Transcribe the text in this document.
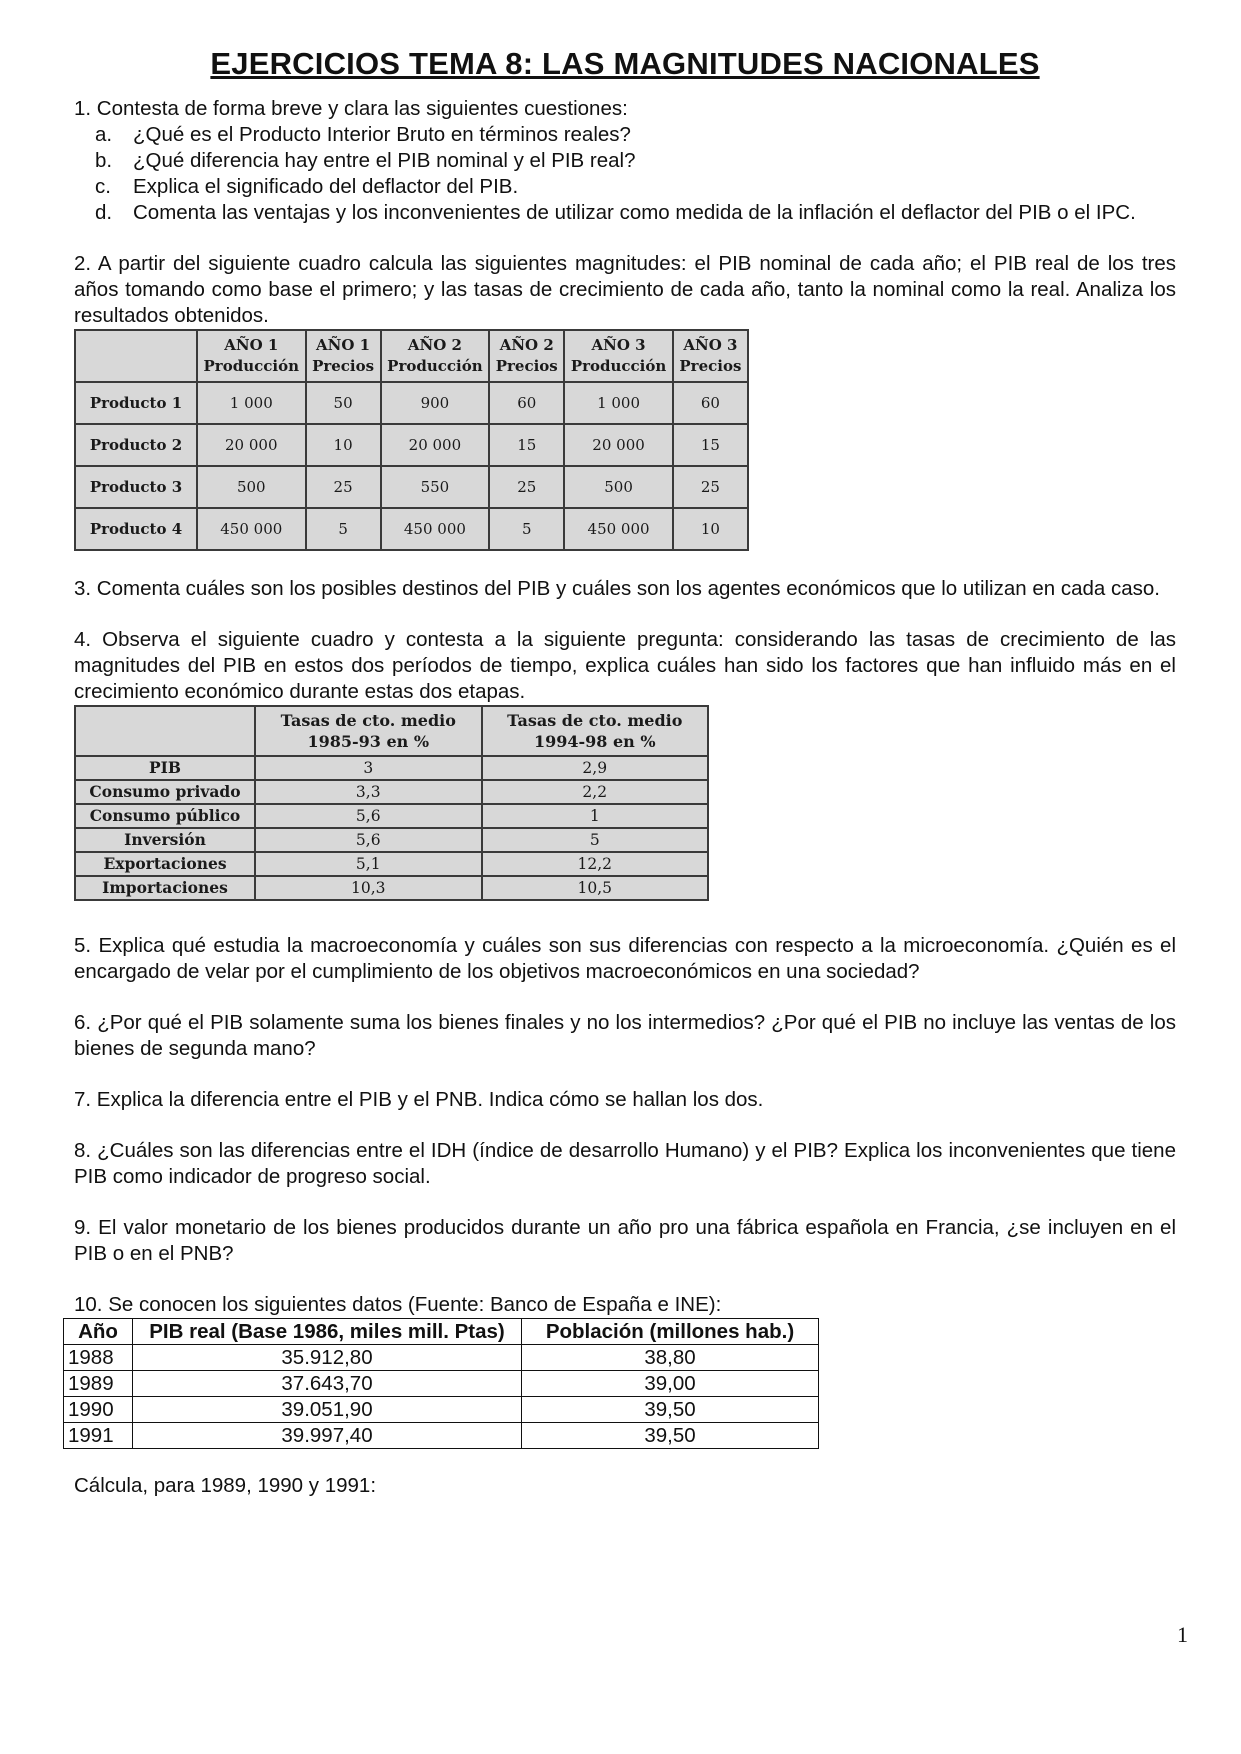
EJERCICIOS TEMA 8: LAS MAGNITUDES NACIONALES

1. Contesta de forma breve y clara las siguientes cuestiones:

a.	¿Qué es el Producto Interior Bruto en términos reales?
b.	¿Qué diferencia hay entre el PIB nominal y el PIB real?
c.	Explica el significado del deflactor del PIB.
d.	Comenta las ventajas y los inconvenientes de utilizar como medida de la inflación el deflactor del PIB o el IPC.

2. A partir del siguiente cuadro calcula las siguientes magnitudes: el PIB nominal de cada año; el PIB real de los tres años tomando como base el primero; y las tasas de crecimiento de cada año, tanto la nominal como la real. Analiza los resultados obtenidos.

	AÑO 1 Producción	AÑO 1 Precios	AÑO 2 Producción	AÑO 2 Precios	AÑO 3 Producción	AÑO 3 Precios
Producto 1	1 000	50	900	60	1 000	60
Producto 2	20 000	10	20 000	15	20 000	15
Producto 3	500	25	550	25	500	25
Producto 4	450 000	5	450 000	5	450 000	10

3. Comenta cuáles son los posibles destinos del PIB y cuáles son los agentes económicos que lo utilizan en cada caso.

4. Observa el siguiente cuadro y contesta a la siguiente pregunta: considerando las tasas de crecimiento de las magnitudes del PIB en estos dos períodos de tiempo, explica cuáles han sido los factores que han influido más en el crecimiento económico durante estas dos etapas.

	Tasas de cto. medio 1985-93 en %	Tasas de cto. medio 1994-98 en %
PIB	3	2,9
Consumo privado	3,3	2,2
Consumo público	5,6	1
Inversión	5,6	5
Exportaciones	5,1	12,2
Importaciones	10,3	10,5

5. Explica qué estudia la macroeconomía y cuáles son sus diferencias con respecto a la microeconomía. ¿Quién es el encargado de velar por el cumplimiento de los objetivos macroeconómicos en una sociedad?

6. ¿Por qué el PIB solamente suma los bienes finales y no los intermedios? ¿Por qué el PIB no incluye las ventas de los bienes de segunda mano?

7. Explica la diferencia entre el PIB y el PNB. Indica cómo se hallan los dos.

8. ¿Cuáles son las diferencias entre el IDH (índice de desarrollo Humano) y el PIB? Explica los inconvenientes que tiene PIB como indicador de progreso social.

9. El valor monetario de los bienes producidos durante un año pro una fábrica española en Francia, ¿se incluyen en el PIB o en el PNB?

10. Se conocen los siguientes datos (Fuente: Banco de España e INE):

Año	PIB real (Base 1986, miles mill. Ptas)	Población (millones hab.)
1988	35.912,80	38,80
1989	37.643,70	39,00
1990	39.051,90	39,50
1991	39.997,40	39,50

Cálcula, para 1989, 1990 y 1991:

1
